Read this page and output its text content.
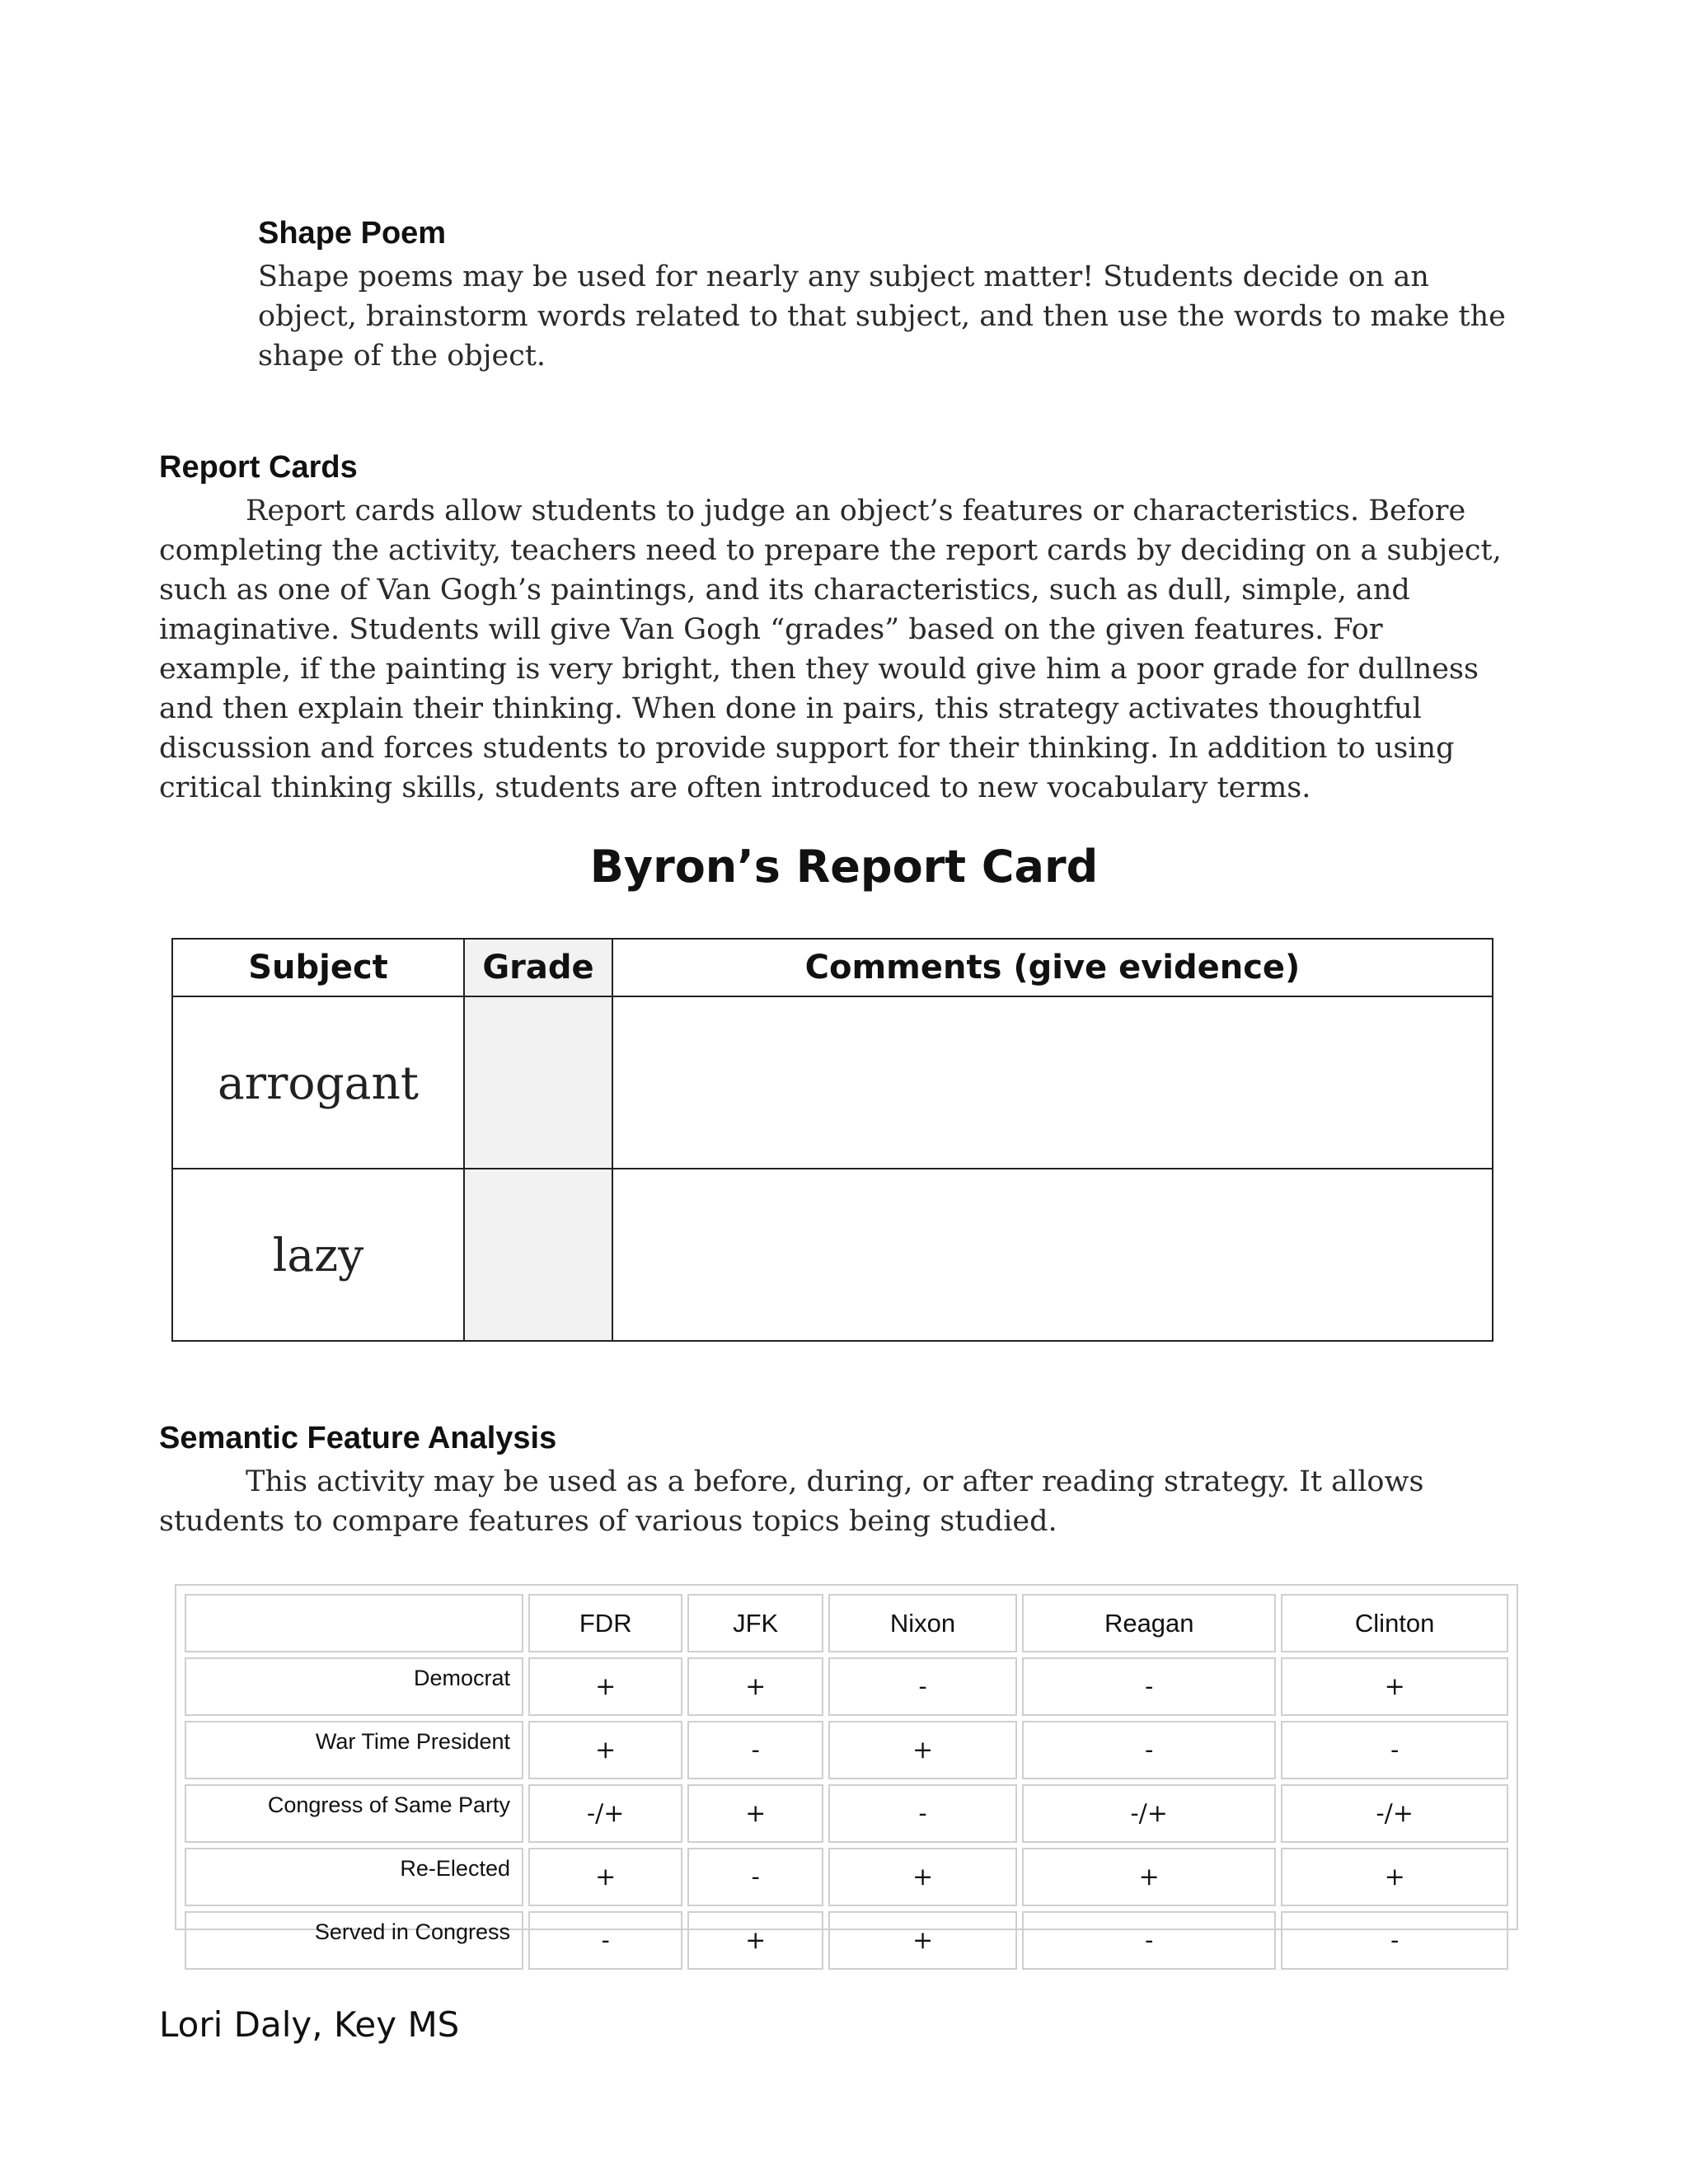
Shape Poem

Shape poems may be used for nearly any subject matter! Students decide on an object, brainstorm words related to that subject, and then use the words to make the shape of the object.

Report Cards

   Report cards allow students to judge an object’s features or characteristics. Before completing the activity, teachers need to prepare the report cards by deciding on a subject, such as one of Van Gogh’s paintings, and its characteristics, such as dull, simple, and imaginative. Students will give Van Gogh “grades” based on the given features. For example, if the painting is very bright, then they would give him a poor grade for dullness and then explain their thinking. When done in pairs, this strategy activates thoughtful discussion and forces students to provide support for their thinking. In addition to using critical thinking skills, students are often introduced to new vocabulary terms.

Byron’s Report Card
Subject	Grade	Comments (give evidence)
arrogant		
lazy		
Semantic Feature Analysis

   This activity may be used as a before, during, or after reading strategy. It allows students to compare features of various topics being studied.

	FDR	JFK	Nixon	Reagan	Clinton
Democrat	+	+	-	-	+
War Time President	+	-	+	-	-
Congress of Same Party	-/+	+	-	-/+	-/+
Re-Elected	+	-	+	+	+
Served in Congress	-	+	+	-	-

Lori Daly, Key MS
